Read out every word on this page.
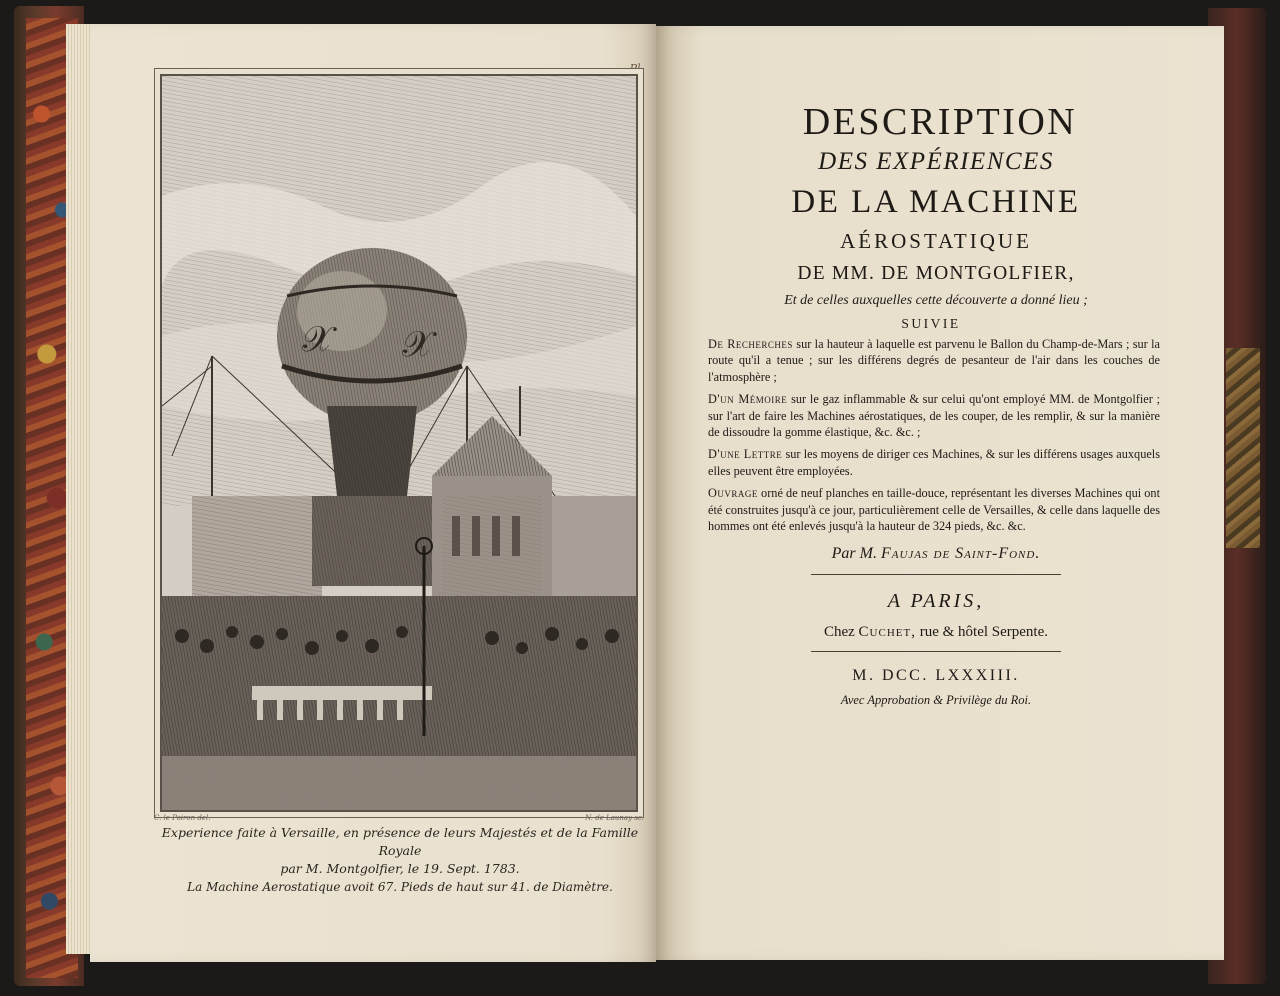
Pl.
𝒳 𝒳
C. le Poiron del.	N. de Launay sc.
Experience faite à Versaille, en présence de leurs Majestés et de la Famille Royale
par M. Montgolfier, le 19. Sept. 1783.
La Machine Aerostatique avoit 67. Pieds de haut sur 41. de Diamètre.
DESCRIPTION
DES EXPÉRIENCES
DE LA MACHINE
AÉROSTATIQUE
DE MM. DE MONTGOLFIER,
Et de celles auxquelles cette découverte a donné lieu ;
SUIVIE
De Recherches sur la hauteur à laquelle est parvenu le Ballon du Champ-de-Mars ; sur la route qu'il a tenue ; sur les différens degrés de pesanteur de l'air dans les couches de l'atmosphère ;
D'un Mémoire sur le gaz inflammable & sur celui qu'ont employé MM. de Montgolfier ; sur l'art de faire les Machines aérostatiques, de les couper, de les remplir, & sur la manière de dissoudre la gomme élastique, &c. &c. ;
D'une Lettre sur les moyens de diriger ces Machines, & sur les différens usages auxquels elles peuvent être employées.
Ouvrage orné de neuf planches en taille-douce, représentant les diverses Machines qui ont été construites jusqu'à ce jour, particulièrement celle de Versailles, & celle dans laquelle des hommes ont été enlevés jusqu'à la hauteur de 324 pieds, &c. &c.
Par M. Faujas de Saint-Fond.
A PARIS,
Chez Cuchet, rue & hôtel Serpente.
M. DCC. LXXXIII.
Avec Approbation & Privilège du Roi.
